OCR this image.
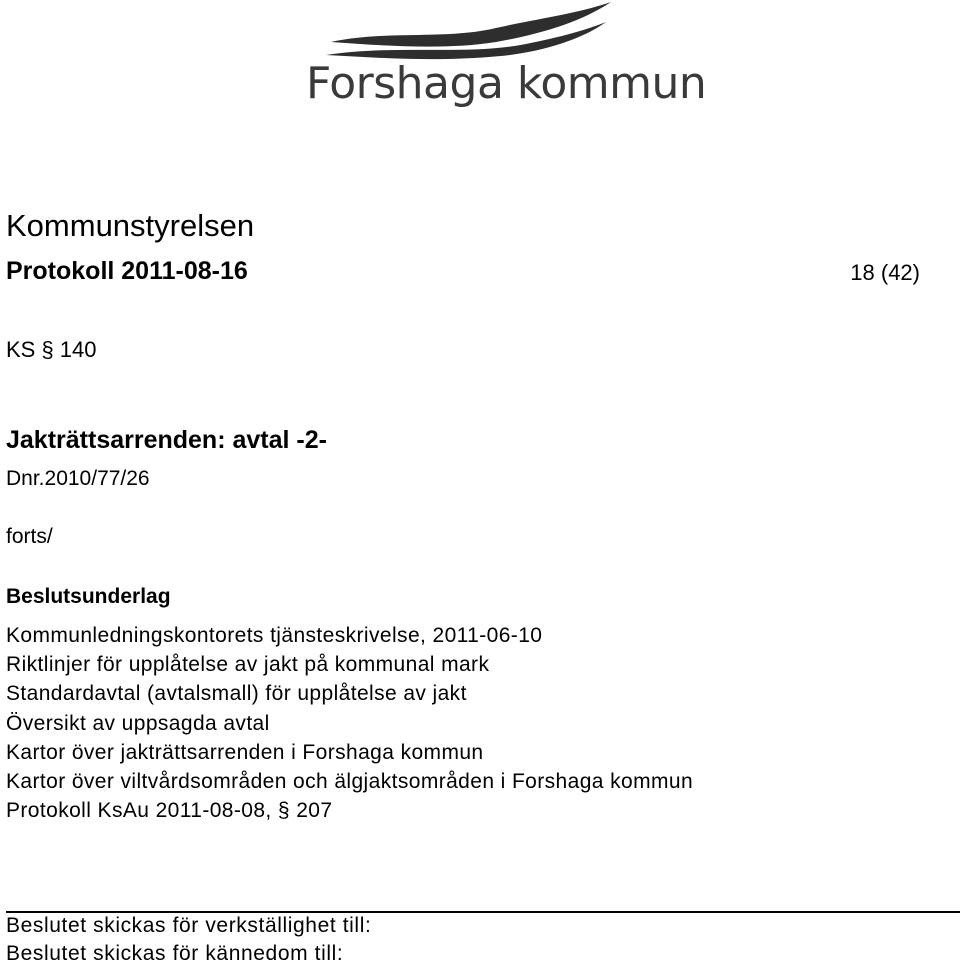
Forshaga kommun
Kommunstyrelsen
Protokoll 2011-08-16	18 (42)
KS § 140
Jakträttsarrenden: avtal -2-
Dnr.2010/77/26
forts/
Beslutsunderlag
Kommunledningskontorets tjänsteskrivelse, 2011-06-10
Riktlinjer för upplåtelse av jakt på kommunal mark
Standardavtal (avtalsmall) för upplåtelse av jakt
Översikt av uppsagda avtal
Kartor över jakträttsarrenden i Forshaga kommun
Kartor över viltvårdsområden och älgjaktsområden i Forshaga kommun
Protokoll KsAu 2011-08-08, § 207
Beslutet skickas för verkställighet till:
Beslutet skickas för kännedom till:
